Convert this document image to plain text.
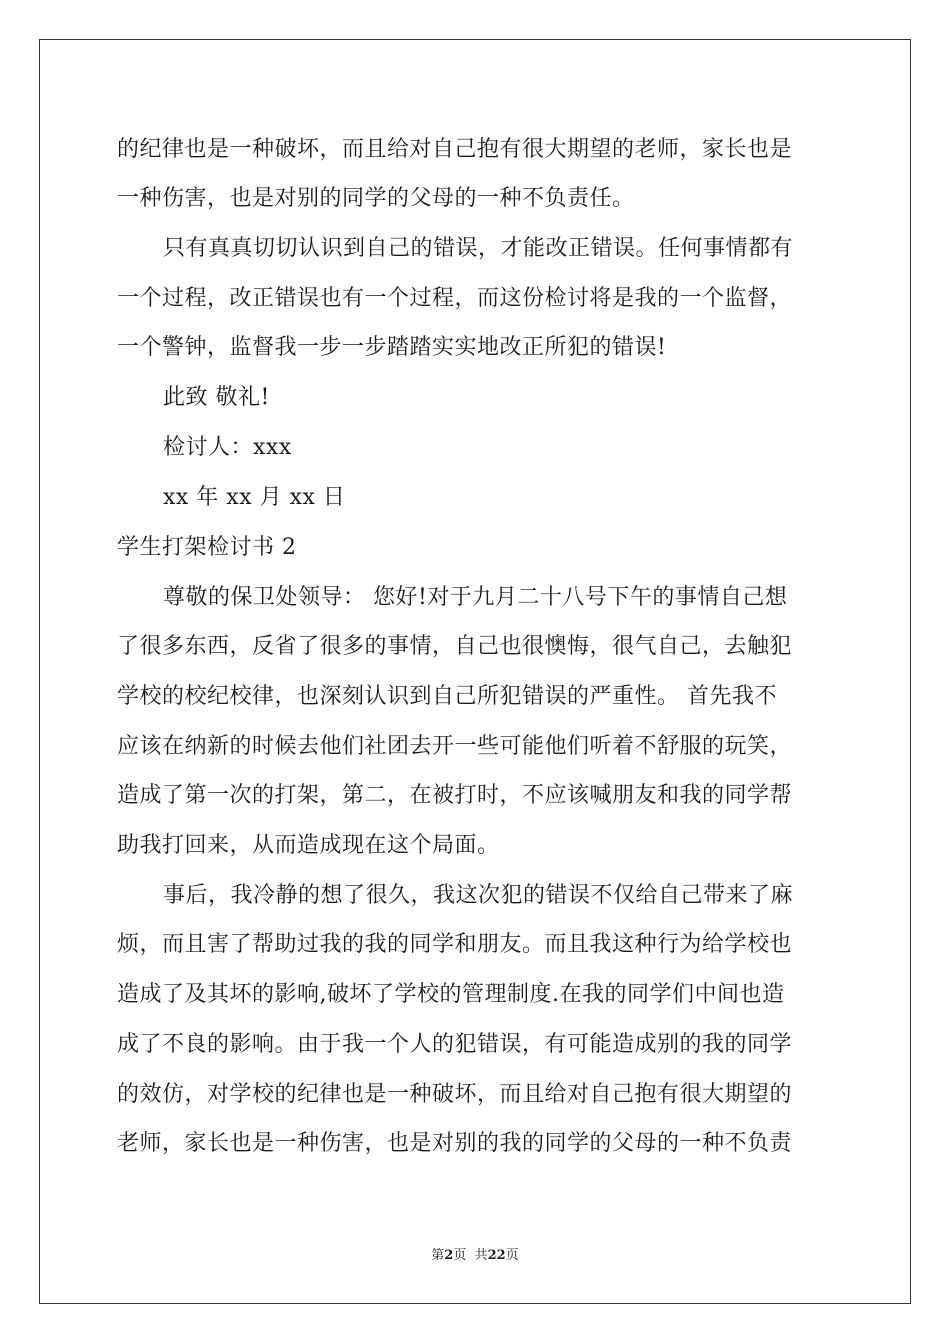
的纪律也是一种破坏，而且给对自己抱有很大期望的老师，家长也是
一种伤害，也是对别的同学的父母的一种不负责任。
只有真真切切认识到自己的错误，才能改正错误。任何事情都有
一个过程，改正错误也有一个过程，而这份检讨将是我的一个监督，
一个警钟，监督我一步一步踏踏实实地改正所犯的错误!
此致 敬礼!
检讨人：xxx
xx 年 xx 月 xx 日
学生打架检讨书 2
尊敬的保卫处领导： 您好!对于九月二十八号下午的事情自己想
了很多东西，反省了很多的事情，自己也很懊悔，很气自己，去触犯
学校的校纪校律，也深刻认识到自己所犯错误的严重性。 首先我不
应该在纳新的时候去他们社团去开一些可能他们听着不舒服的玩笑，
造成了第一次的打架，第二，在被打时，不应该喊朋友和我的同学帮
助我打回来，从而造成现在这个局面。
事后，我冷静的想了很久，我这次犯的错误不仅给自己带来了麻
烦，而且害了帮助过我的我的同学和朋友。而且我这种行为给学校也
造成了及其坏的影响,破坏了学校的管理制度.在我的同学们中间也造
成了不良的影响。由于我一个人的犯错误，有可能造成别的我的同学
的效仿，对学校的纪律也是一种破坏，而且给对自己抱有很大期望的
老师，家长也是一种伤害，也是对别的我的同学的父母的一种不负责
第2页  共22页
